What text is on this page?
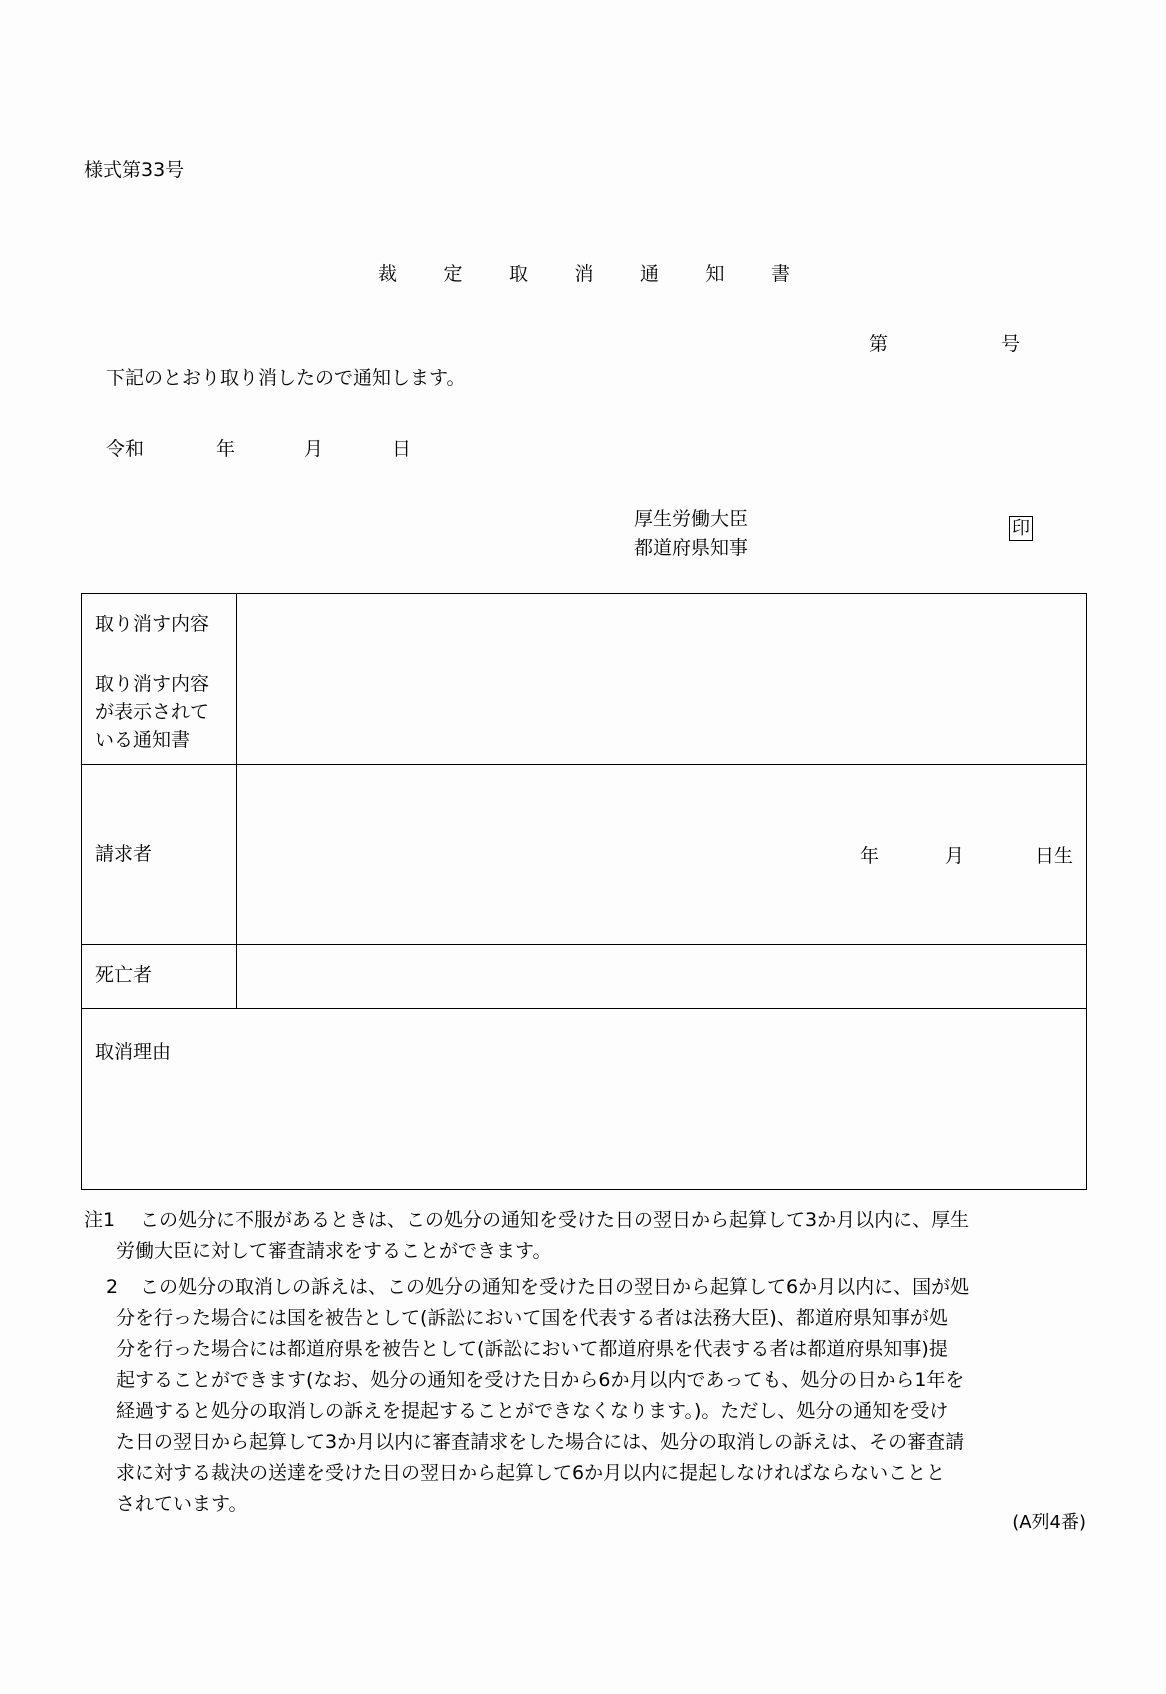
様式第33号
裁	定	取	消	通	知	書
第	号
下記のとおり取り消したので通知します。
令和	年	月	日
厚生労働大臣
都道府県知事
印
取り消す内容
取り消す内容が表示されている通知書
請求者	年	月	日生
死亡者
取消理由
注1 この処分に不服があるときは、この処分の通知を受けた日の翌日から起算して3か月以内に、厚生
労働大臣に対して審査請求をすることができます。
2 この処分の取消しの訴えは、この処分の通知を受けた日の翌日から起算して6か月以内に、国が処
分を行った場合には国を被告として(訴訟において国を代表する者は法務大臣)、都道府県知事が処
分を行った場合には都道府県を被告として(訴訟において都道府県を代表する者は都道府県知事)提
起することができます(なお、処分の通知を受けた日から6か月以内であっても、処分の日から1年を
経過すると処分の取消しの訴えを提起することができなくなります。)。ただし、処分の通知を受け
た日の翌日から起算して3か月以内に審査請求をした場合には、処分の取消しの訴えは、その審査請
求に対する裁決の送達を受けた日の翌日から起算して6か月以内に提起しなければならないことと
されています。
(A列4番)
